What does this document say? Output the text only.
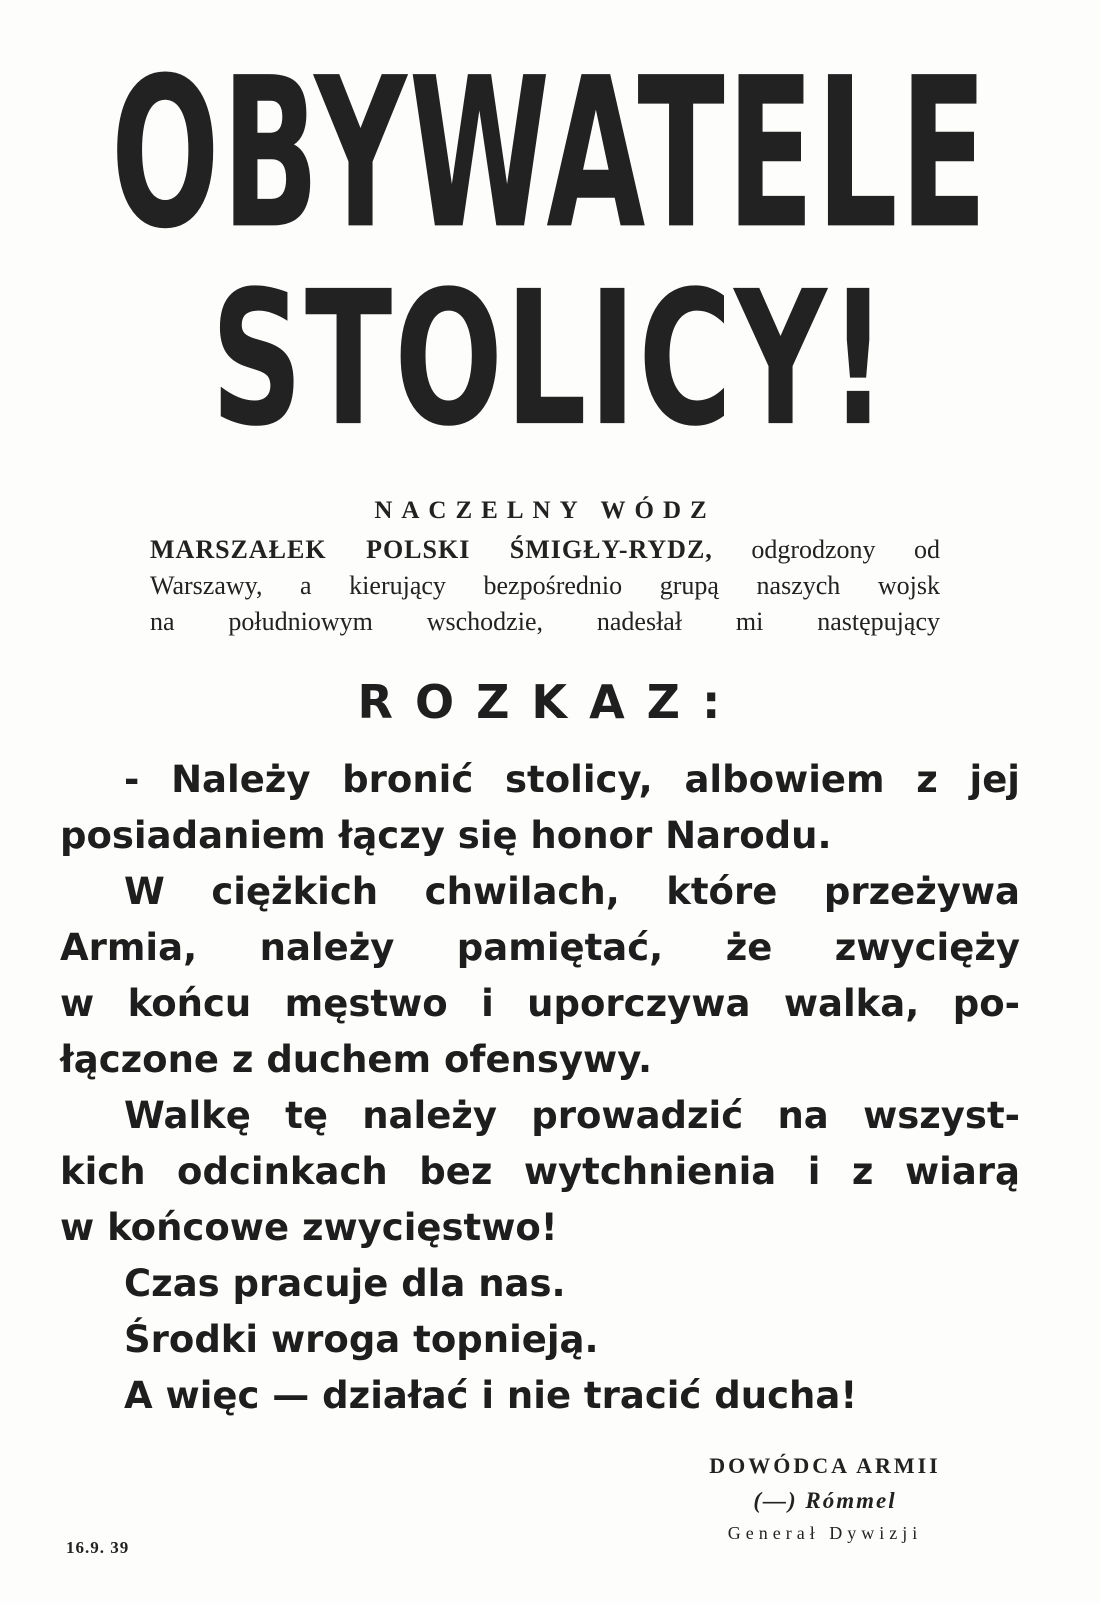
OBYWATELE
STOLICY!
NACZELNY WÓDZ
MARSZAŁEK POLSKI ŚMIGŁY-RYDZ, odgrodzony od
Warszawy, a kierujący bezpośrednio grupą naszych wojsk
na południowym wschodzie, nadesłał mi następujący
ROZKAZ:
- Należy bronić stolicy, albowiem z jej
posiadaniem łączy się honor Narodu.
W ciężkich chwilach, które przeżywa
Armia, należy pamiętać, że zwycięży
w końcu męstwo i uporczywa walka, po-
łączone z duchem ofensywy.
Walkę tę należy prowadzić na wszyst-
kich odcinkach bez wytchnienia i z wiarą
w końcowe zwycięstwo!
Czas pracuje dla nas.
Środki wroga topnieją.
A więc — działać i nie tracić ducha!
16.9. 39
DOWÓDCA ARMII
(—) Rómmel
Generał Dywizji
